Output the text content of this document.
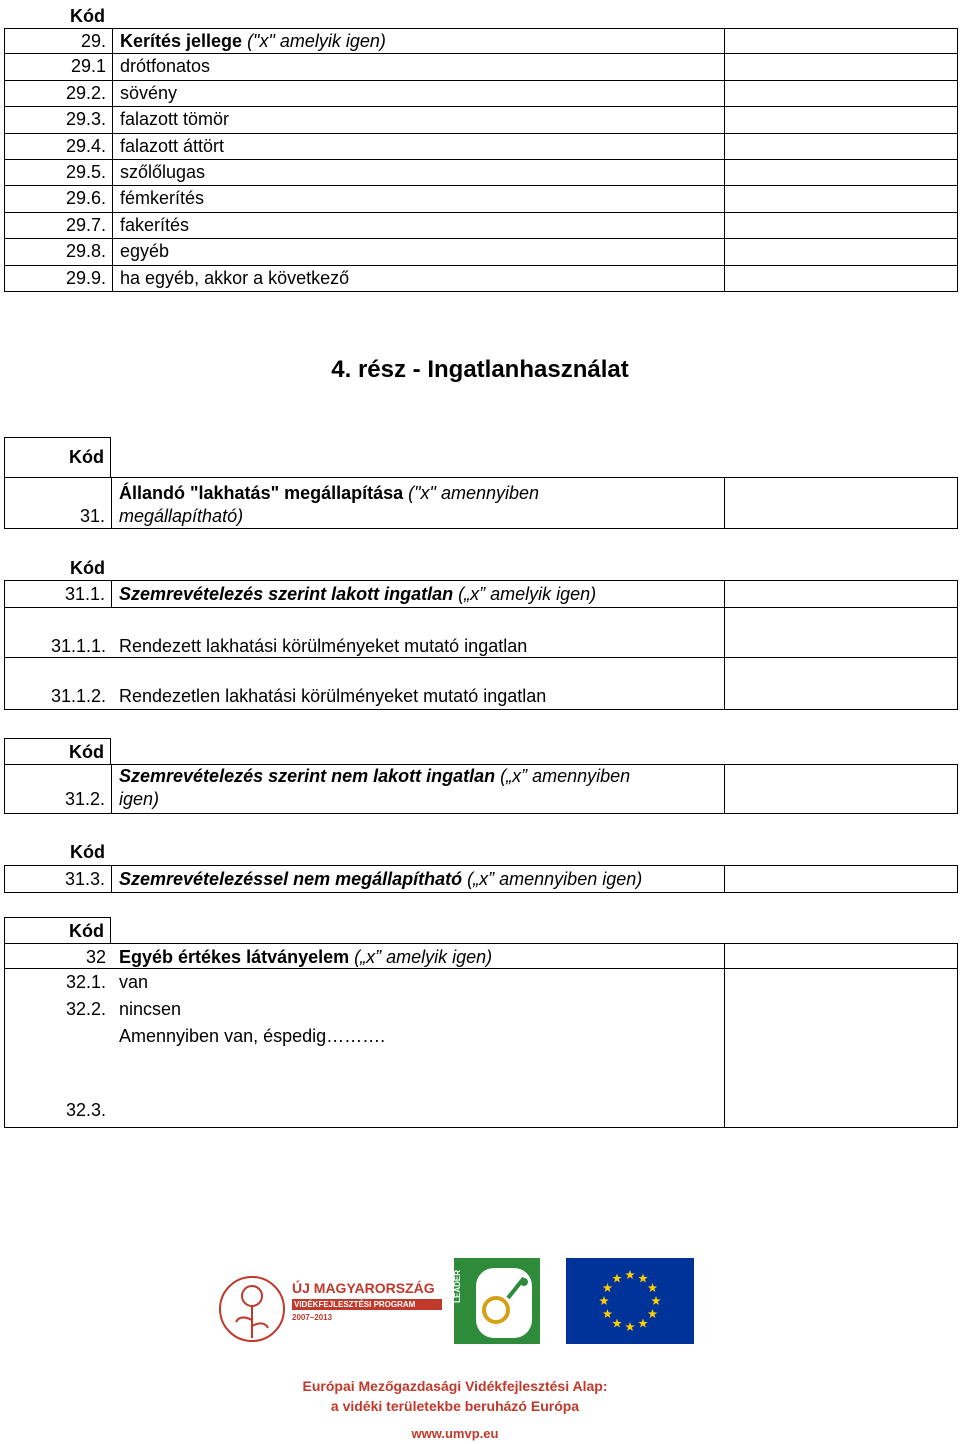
Kód
29. Kerítés jellege ("x" amelyik igen)
29.1 drótfonatos
29.2. sövény
29.3. falazott tömör
29.4. falazott áttört
29.5. szőlőlugas
29.6. fémkerítés
29.7. fakerítés
29.8. egyéb
29.9. ha egyéb, akkor a következő
4. rész - Ingatlanhasználat
Kód
31.
Állandó "lakhatás" megállapítása ("x" amennyiben
megállapítható)
Kód
31.1. Szemrevételezés szerint lakott ingatlan („x” amelyik igen)
31.1.1. Rendezett lakhatási körülményeket mutató ingatlan
31.1.2. Rendezetlen lakhatási körülményeket mutató ingatlan
Kód
31.2.
Szemrevételezés szerint nem lakott ingatlan („x” amennyiben
igen)
Kód
31.3. Szemrevételezéssel nem megállapítható („x” amennyiben igen)
Kód
32 Egyéb értékes látványelem („x” amelyik igen)
32.1. van
32.2. nincsen
32.3.
Amennyiben van, éspedig……….
ÚJ MAGYARORSZÁG
VIDÉKFEJLESZTÉSI PROGRAM
2007–2013
LEADER
Európai Mezőgazdasági Vidékfejlesztési Alap:
a vidéki területekbe beruházó Európa
www.umvp.eu
